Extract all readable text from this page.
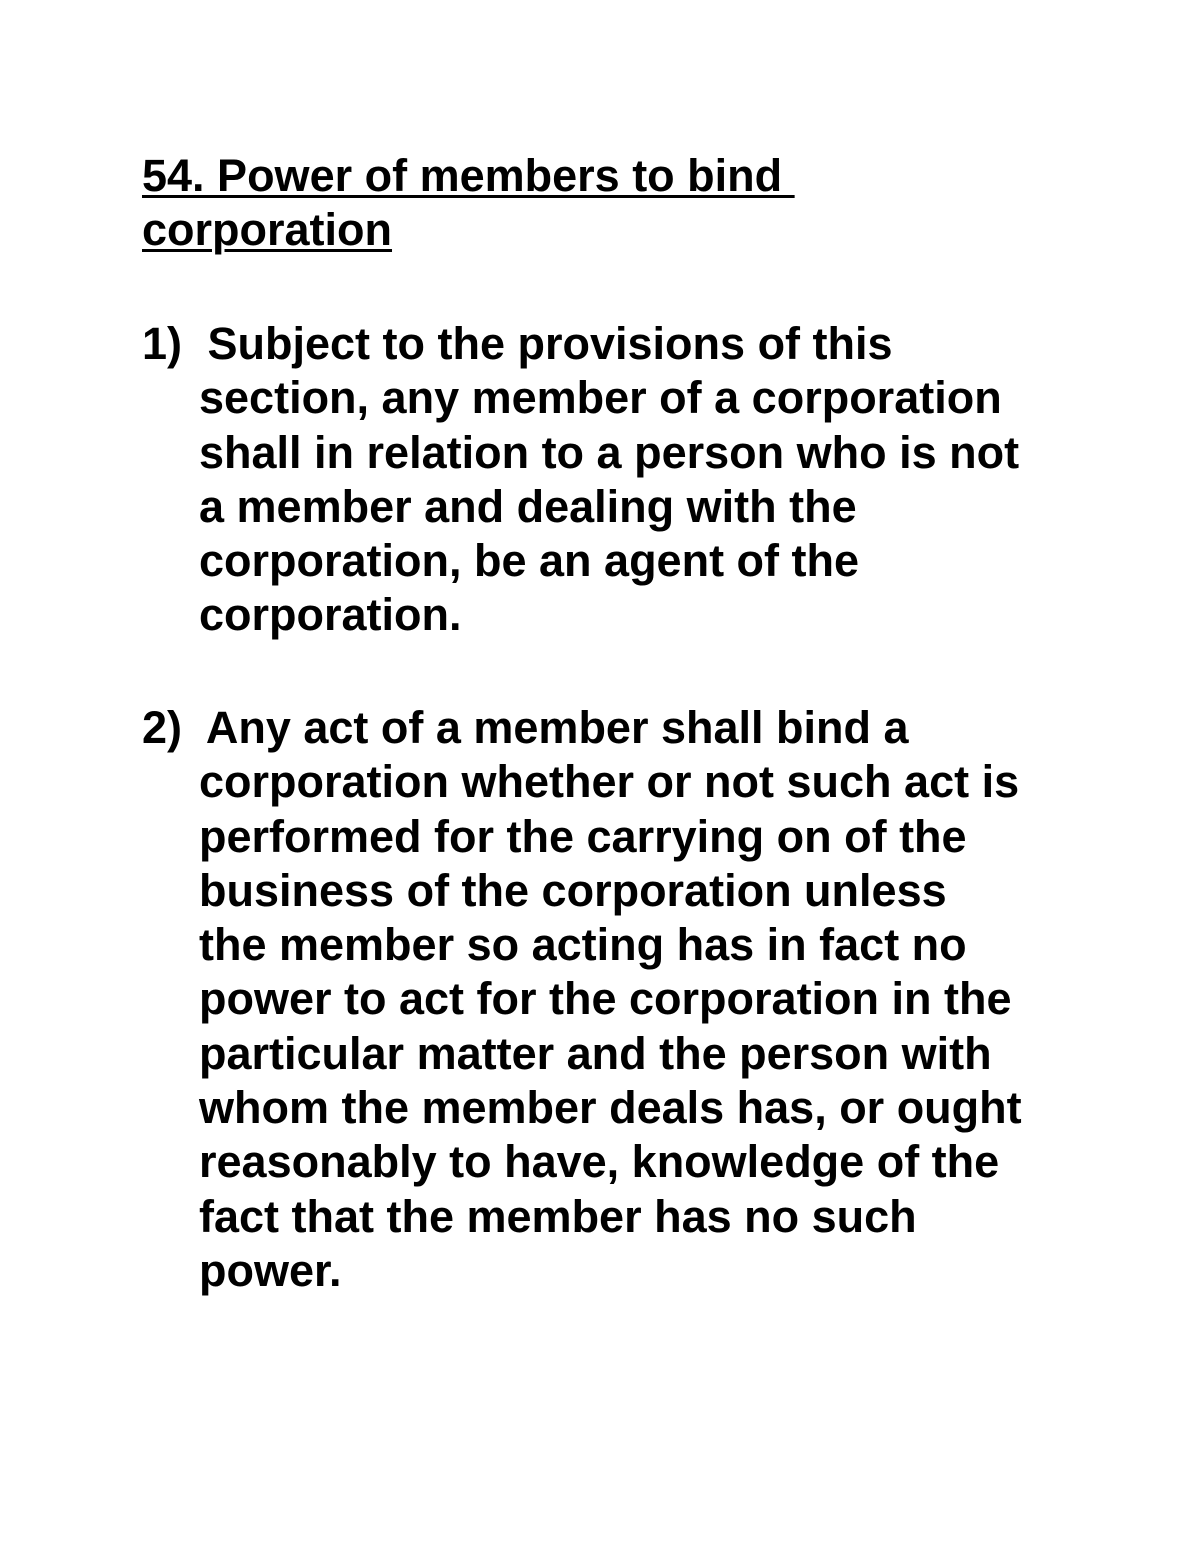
54. Power of members to bind
corporation
1) Subject to the provisions of this
section, any member of a corporation
shall in relation to a person who is not
a member and dealing with the
corporation, be an agent of the
corporation.
2) Any act of a member shall bind a
corporation whether or not such act is
performed for the carrying on of the
business of the corporation unless
the member so acting has in fact no
power to act for the corporation in the
particular matter and the person with
whom the member deals has, or ought
reasonably to have, knowledge of the
fact that the member has no such
power.
